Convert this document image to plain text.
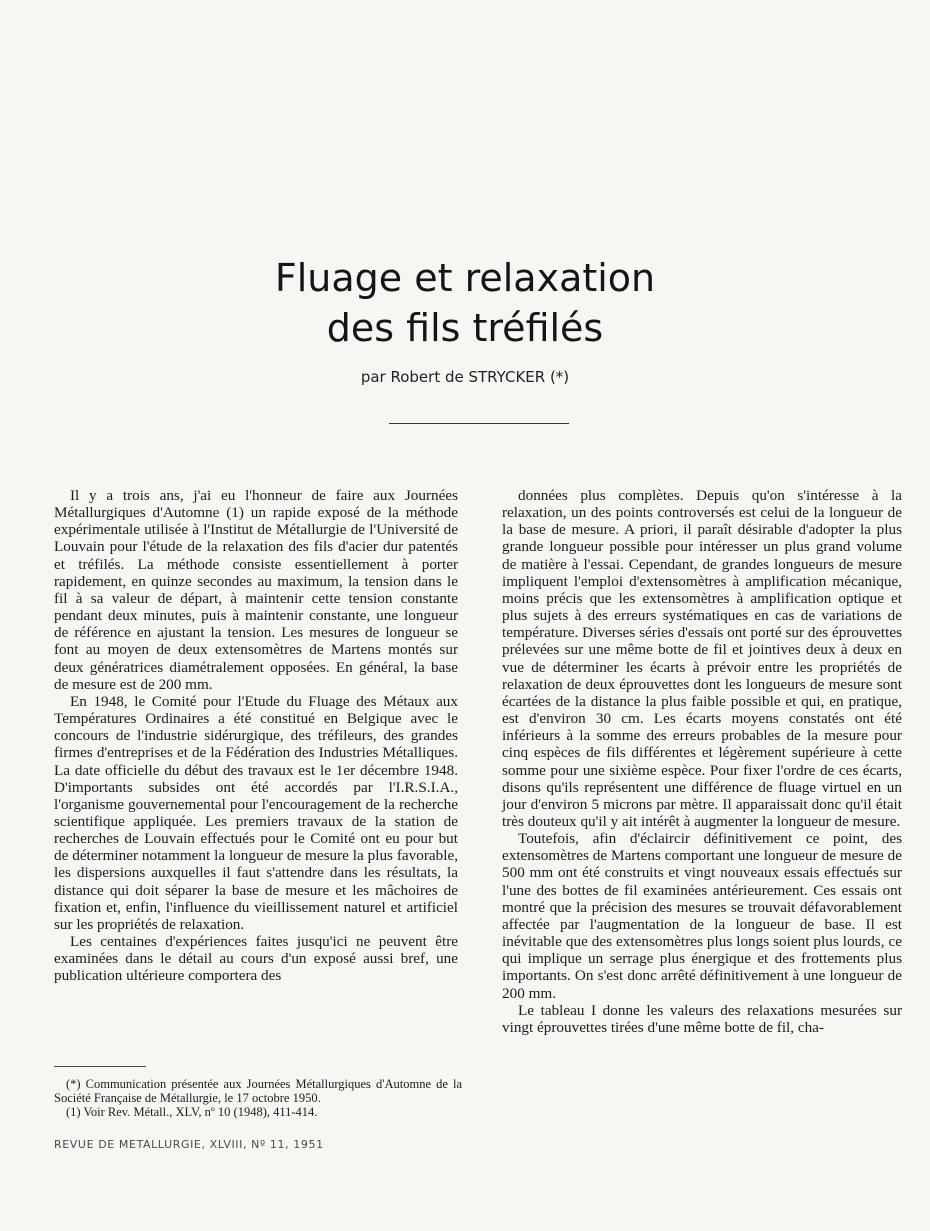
Fluage et relaxation
des fils tréfilés
par Robert de STRYCKER (*)

Il y a trois ans, j'ai eu l'honneur de faire aux Journées Métallurgiques d'Automne (1) un rapide exposé de la méthode expérimentale utilisée à l'Institut de Métallurgie de l'Université de Louvain pour l'étude de la relaxation des fils d'acier dur patentés et tréfilés. La méthode consiste essentiellement à porter rapidement, en quinze secondes au maximum, la tension dans le fil à sa valeur de départ, à maintenir cette tension constante pendant deux minutes, puis à maintenir constante, une longueur de référence en ajustant la tension. Les mesures de longueur se font au moyen de deux extensomètres de Martens montés sur deux génératrices diamétralement opposées. En général, la base de mesure est de 200 mm.

En 1948, le Comité pour l'Etude du Fluage des Métaux aux Températures Ordinaires a été constitué en Belgique avec le concours de l'industrie sidérurgique, des tréfileurs, des grandes firmes d'entreprises et de la Fédération des Industries Métalliques. La date officielle du début des travaux est le 1er décembre 1948. D'importants subsides ont été accordés par l'I.R.S.I.A., l'organisme gouvernemental pour l'encouragement de la recherche scientifique appliquée. Les premiers travaux de la station de recherches de Louvain effectués pour le Comité ont eu pour but de déterminer notamment la longueur de mesure la plus favorable, les dispersions auxquelles il faut s'attendre dans les résultats, la distance qui doit séparer la base de mesure et les mâchoires de fixation et, enfin, l'influence du vieillissement naturel et artificiel sur les propriétés de relaxation.

Les centaines d'expériences faites jusqu'ici ne peuvent être examinées dans le détail au cours d'un exposé aussi bref, une publication ultérieure comportera des

données plus complètes. Depuis qu'on s'intéresse à la relaxation, un des points controversés est celui de la longueur de la base de mesure. A priori, il paraît désirable d'adopter la plus grande longueur possible pour intéresser un plus grand volume de matière à l'essai. Cependant, de grandes longueurs de mesure impliquent l'emploi d'extensomètres à amplification mécanique, moins précis que les extensomètres à amplification optique et plus sujets à des erreurs systématiques en cas de variations de température. Diverses séries d'essais ont porté sur des éprouvettes prélevées sur une même botte de fil et jointives deux à deux en vue de déterminer les écarts à prévoir entre les propriétés de relaxation de deux éprouvettes dont les longueurs de mesure sont écartées de la distance la plus faible possible et qui, en pratique, est d'environ 30 cm. Les écarts moyens constatés ont été inférieurs à la somme des erreurs probables de la mesure pour cinq espèces de fils différentes et légèrement supérieure à cette somme pour une sixième espèce. Pour fixer l'ordre de ces écarts, disons qu'ils représentent une différence de fluage virtuel en un jour d'environ 5 microns par mètre. Il apparaissait donc qu'il était très douteux qu'il y ait intérêt à augmenter la longueur de mesure.

Toutefois, afin d'éclaircir définitivement ce point, des extensomètres de Martens comportant une longueur de mesure de 500 mm ont été construits et vingt nouveaux essais effectués sur l'une des bottes de fil examinées antérieurement. Ces essais ont montré que la précision des mesures se trouvait défavorablement affectée par l'augmentation de la longueur de base. Il est inévitable que des extensomètres plus longs soient plus lourds, ce qui implique un serrage plus énergique et des frottements plus importants. On s'est donc arrêté définitivement à une longueur de 200 mm.

Le tableau I donne les valeurs des relaxations mesurées sur vingt éprouvettes tirées d'une même botte de fil, cha-

(*) Communication présentée aux Journées Métallurgiques d'Automne de la Société Française de Métallurgie, le 17 octobre 1950.

(1) Voir Rev. Métall., XLV, nº 10 (1948), 411-414.

REVUE DE METALLURGIE, XLVIII, Nº 11, 1951
